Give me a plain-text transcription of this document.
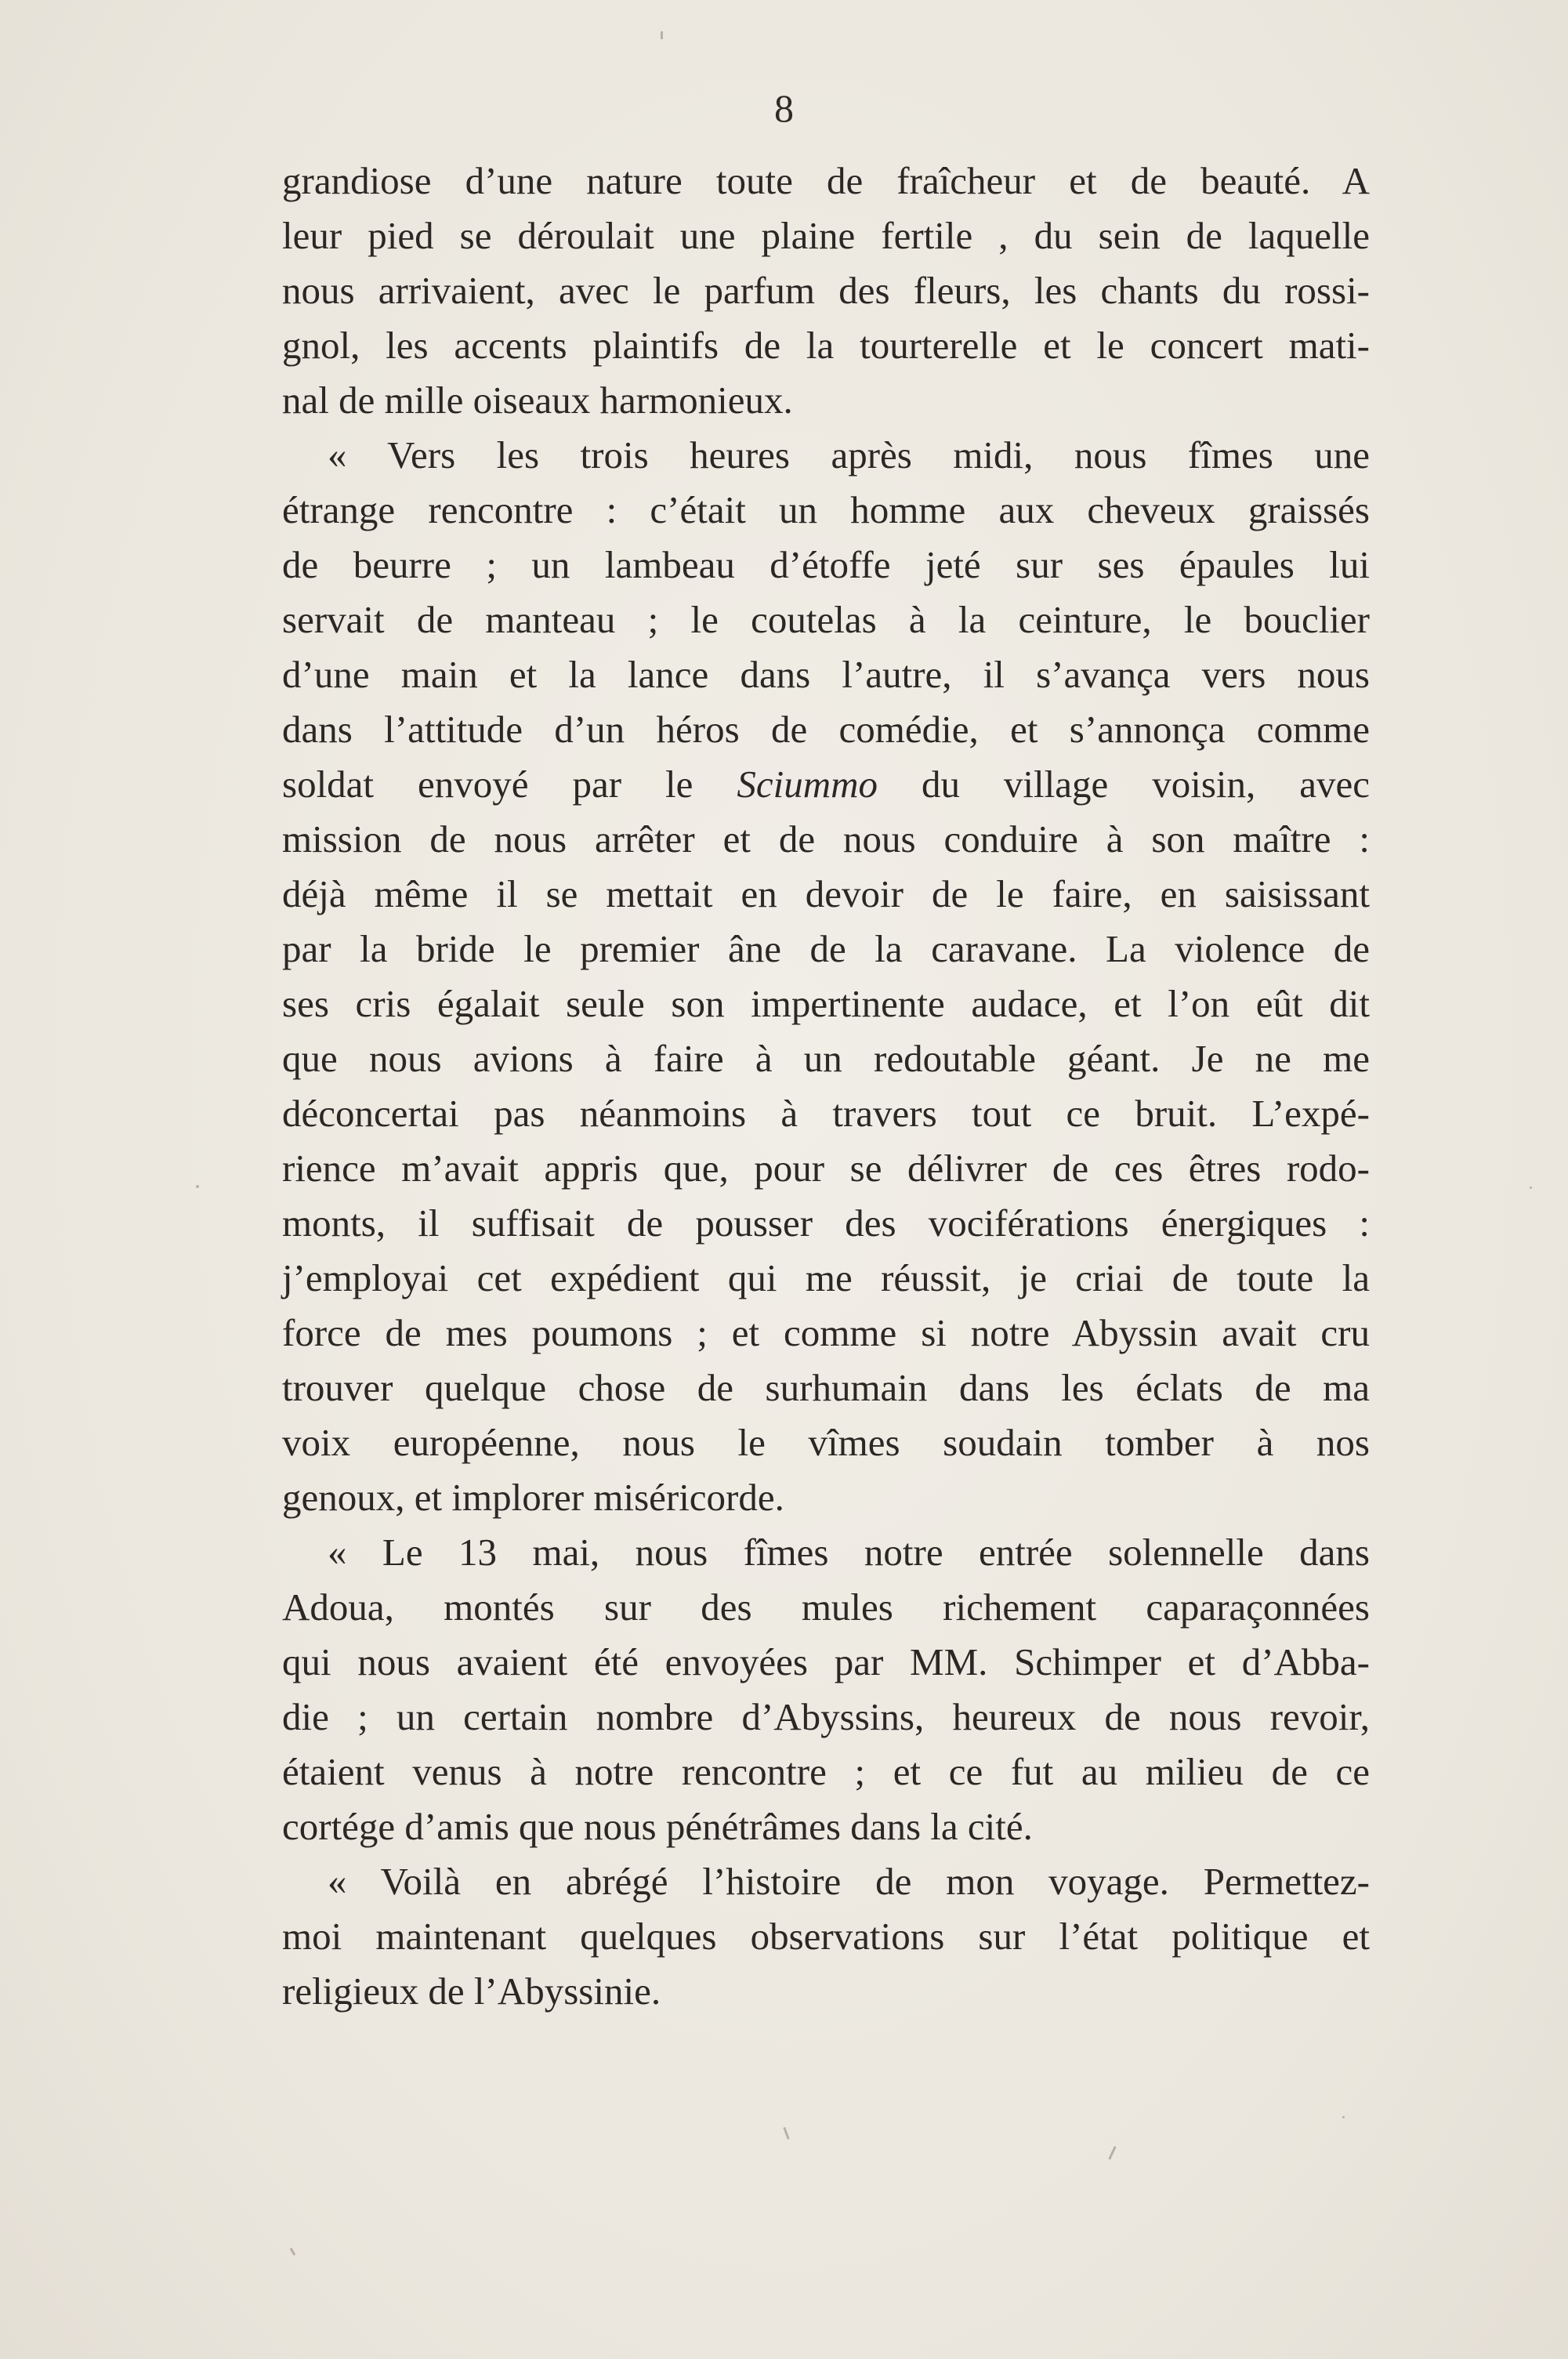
8
grandiose d’une nature toute de fraîcheur et de beauté. A
leur pied se déroulait une plaine fertile , du sein de laquelle
nous arrivaient, avec le parfum des fleurs, les chants du rossi-
gnol, les accents plaintifs de la tourterelle et le concert mati-
nal de mille oiseaux harmonieux.
« Vers les trois heures après midi, nous fîmes une
étrange rencontre : c’était un homme aux cheveux graissés
de beurre ; un lambeau d’étoffe jeté sur ses épaules lui
servait de manteau ; le coutelas à la ceinture, le bouclier
d’une main et la lance dans l’autre, il s’avança vers nous
dans l’attitude d’un héros de comédie, et s’annonça comme
soldat envoyé par le Sciummo du village voisin, avec
mission de nous arrêter et de nous conduire à son maître :
déjà même il se mettait en devoir de le faire, en saisissant
par la bride le premier âne de la caravane. La violence de
ses cris égalait seule son impertinente audace, et l’on eût dit
que nous avions à faire à un redoutable géant. Je ne me
déconcertai pas néanmoins à travers tout ce bruit. L’expé-
rience m’avait appris que, pour se délivrer de ces êtres rodo-
monts, il suffisait de pousser des vociférations énergiques :
j’employai cet expédient qui me réussit, je criai de toute la
force de mes poumons ; et comme si notre Abyssin avait cru
trouver quelque chose de surhumain dans les éclats de ma
voix européenne, nous le vîmes soudain tomber à nos
genoux, et implorer miséricorde.
« Le 13 mai, nous fîmes notre entrée solennelle dans
Adoua, montés sur des mules richement caparaçonnées
qui nous avaient été envoyées par MM. Schimper et d’Abba-
die ; un certain nombre d’Abyssins, heureux de nous revoir,
étaient venus à notre rencontre ; et ce fut au milieu de ce
cortége d’amis que nous pénétrâmes dans la cité.
« Voilà en abrégé l’histoire de mon voyage. Permettez-
moi maintenant quelques observations sur l’état politique et
religieux de l’Abyssinie.
